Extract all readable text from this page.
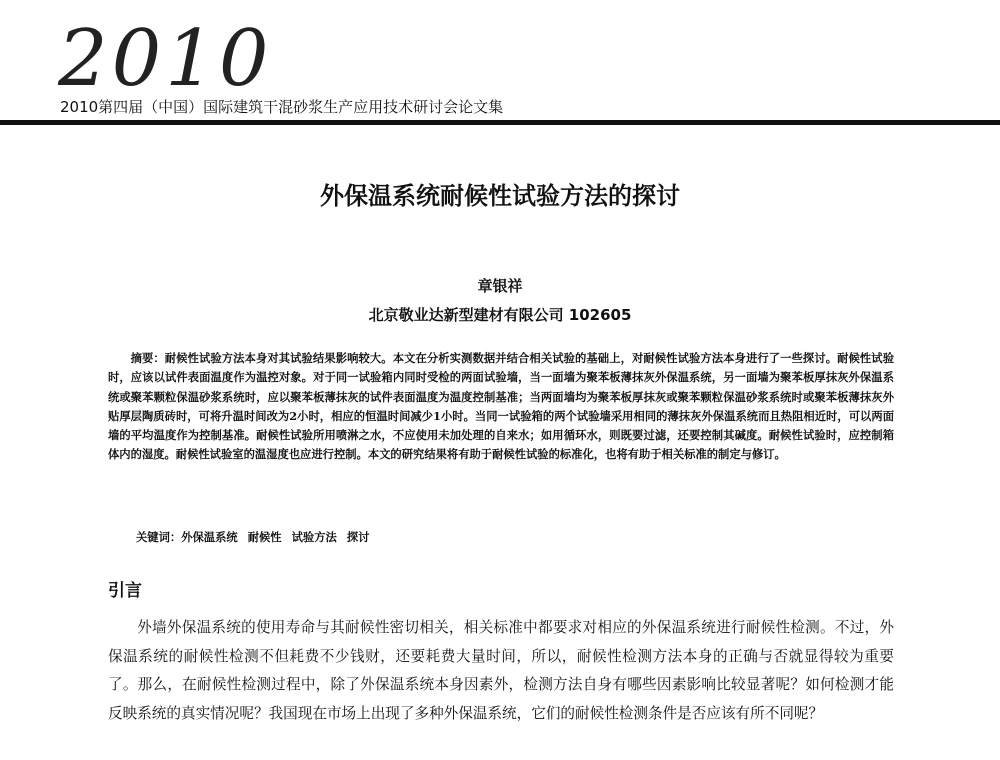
2010
2010第四届（中国）国际建筑干混砂浆生产应用技术研讨会论文集
外保温系统耐候性试验方法的探讨
章银祥
北京敬业达新型建材有限公司 102605
摘要：耐候性试验方法本身对其试验结果影响较大。本文在分析实测数据并结合相关试验的基础上，对耐候性试验方法本身进行了一些探讨。耐候性试验时，应该以试件表面温度作为温控对象。对于同一试验箱内同时受检的两面试验墙，当一面墙为聚苯板薄抹灰外保温系统，另一面墙为聚苯板厚抹灰外保温系统或聚苯颗粒保温砂浆系统时，应以聚苯板薄抹灰的试件表面温度为温度控制基准；当两面墙均为聚苯板厚抹灰或聚苯颗粒保温砂浆系统时或聚苯板薄抹灰外贴厚层陶质砖时，可将升温时间改为2小时，相应的恒温时间减少1小时。当同一试验箱的两个试验墙采用相同的薄抹灰外保温系统而且热阻相近时，可以两面墙的平均温度作为控制基准。耐候性试验所用喷淋之水，不应使用未加处理的自来水；如用循环水，则既要过滤，还要控制其碱度。耐候性试验时，应控制箱体内的湿度。耐候性试验室的温湿度也应进行控制。本文的研究结果将有助于耐候性试验的标准化，也将有助于相关标准的制定与修订。
关键词：外保温系统 耐候性 试验方法 探讨
引言
外墙外保温系统的使用寿命与其耐候性密切相关，相关标准中都要求对相应的外保温系统进行耐候性检测。不过，外保温系统的耐候性检测不但耗费不少钱财，还要耗费大量时间，所以，耐候性检测方法本身的正确与否就显得较为重要了。那么，在耐候性检测过程中，除了外保温系统本身因素外，检测方法自身有哪些因素影响比较显著呢？如何检测才能反映系统的真实情况呢？我国现在市场上出现了多种外保温系统，它们的耐候性检测条件是否应该有所不同呢？
